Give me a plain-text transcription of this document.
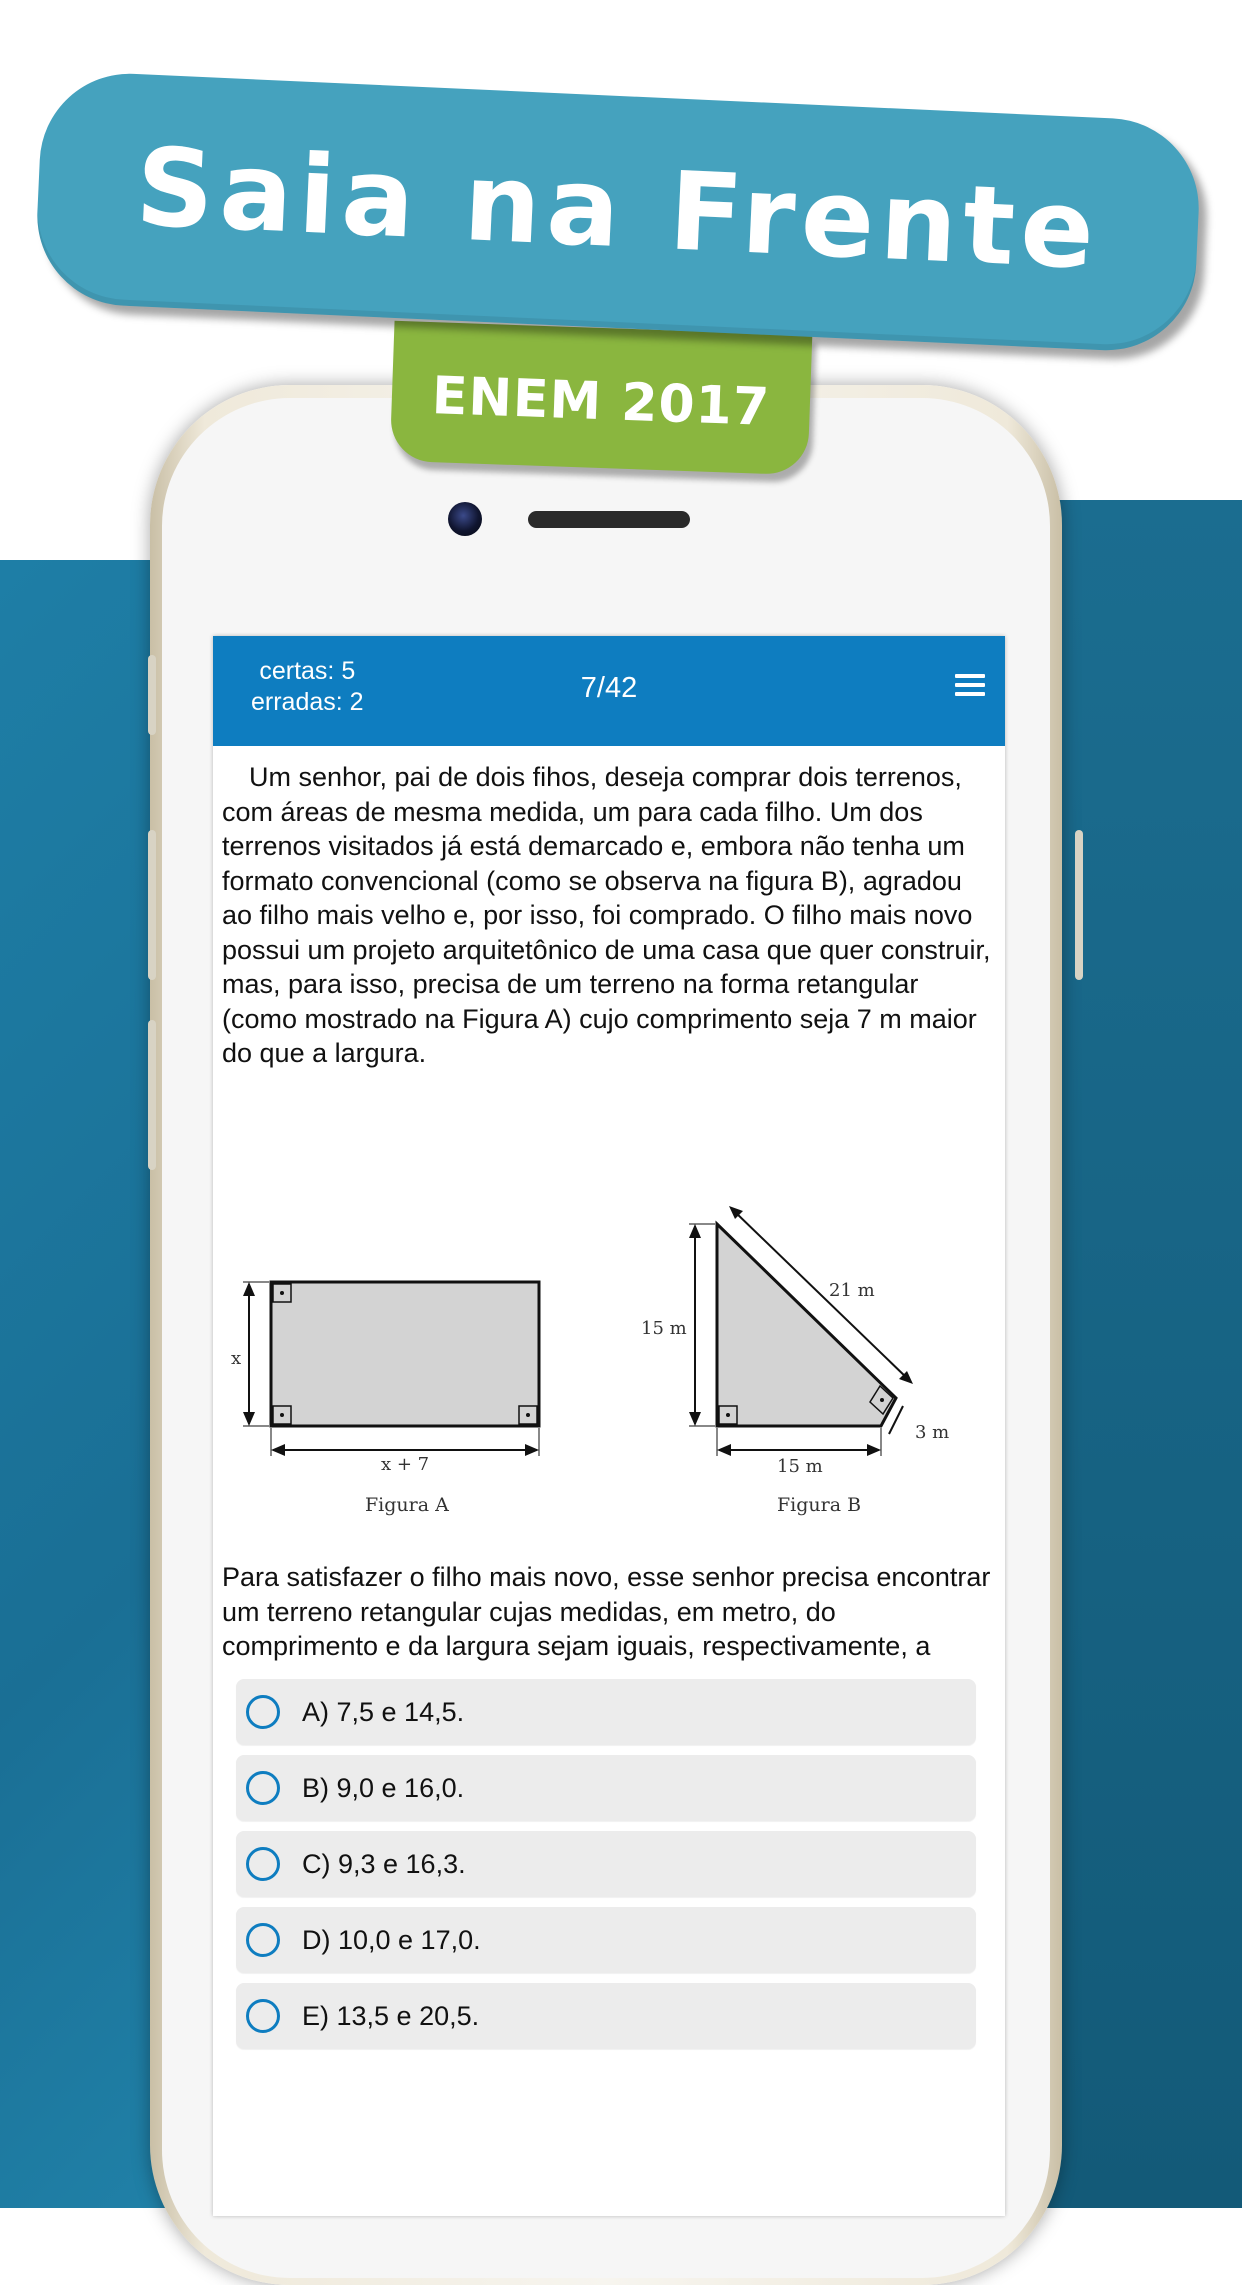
certas: 5
erradas: 2	7/42
Um senhor, pai de dois fihos, deseja comprar dois terrenos, com áreas de mesma medida, um para cada filho. Um dos terrenos visitados já está demarcado e, embora não tenha um formato convencional (como se observa na figura B), agradou ao filho mais velho e, por isso, foi comprado. O filho mais novo possui um projeto arquitetônico de uma casa que quer construir, mas, para isso, precisa de um terreno na forma retangular (como mostrado na Figura A) cujo comprimento seja 7 m maior do que a largura.
x
x + 7
15 m
21 m
3 m
15 m
Figura A	Figura B
Para satisfazer o filho mais novo, esse senhor precisa encontrar um terreno retangular cujas medidas, em metro, do comprimento e da largura sejam iguais, respectivamente, a
A) 7,5 e 14,5.
B) 9,0 e 16,0.
C) 9,3 e 16,3.
D) 10,0 e 17,0.
E) 13,5 e 20,5.
ENEM 2017
Saia na Frente
